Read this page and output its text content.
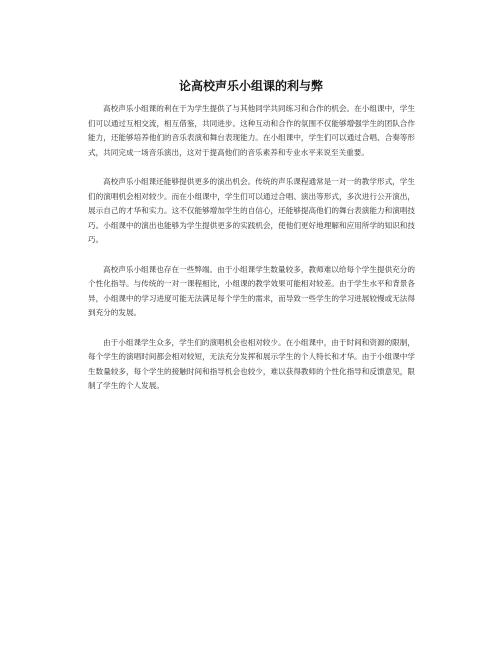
论高校声乐小组课的利与弊

高校声乐小组课的利在于为学生提供了与其他同学共同练习和合作的机会。在小组课中，学生们可以通过互相交流，相互借鉴，共同进步。这种互动和合作的氛围不仅能够增强学生的团队合作能力，还能够培养他们的音乐表演和舞台表现能力。在小组课中，学生们可以通过合唱、合奏等形式，共同完成一场音乐演出，这对于提高他们的音乐素养和专业水平来说至关重要。

高校声乐小组课还能够提供更多的演出机会。传统的声乐课程通常是一对一的教学形式，学生们的演唱机会相对较少。而在小组课中，学生们可以通过合唱、演出等形式，多次进行公开演出，展示自己的才华和实力。这不仅能够增加学生的自信心，还能够提高他们的舞台表演能力和演唱技巧。小组课中的演出也能够为学生提供更多的实践机会，使他们更好地理解和应用所学的知识和技巧。

高校声乐小组课也存在一些弊端。由于小组课学生数量较多，教师难以给每个学生提供充分的个性化指导。与传统的一对一课程相比，小组课的教学效果可能相对较差。由于学生水平和背景各异，小组课中的学习进度可能无法满足每个学生的需求，而导致一些学生的学习进展较慢或无法得到充分的发展。

由于小组课学生众多，学生们的演唱机会也相对较少。在小组课中，由于时间和资源的限制，每个学生的演唱时间都会相对较短，无法充分发挥和展示学生的个人特长和才华。由于小组课中学生数量较多，每个学生的接触时间和指导机会也较少，难以获得教师的个性化指导和反馈意见，限制了学生的个人发展。
